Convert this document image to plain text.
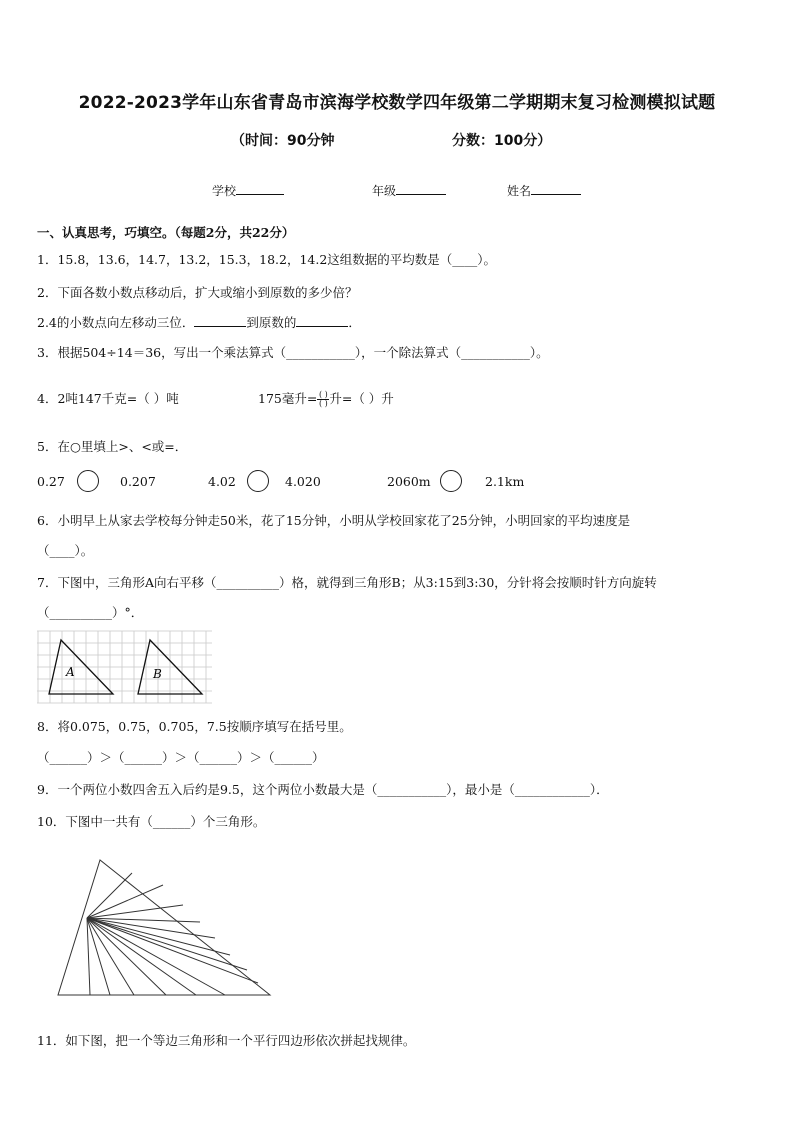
2022-2023学年山东省青岛市滨海学校数学四年级第二学期期末复习检测模拟试题
（时间：90分钟	分数：100分）
学校	年级	姓名
一、认真思考，巧填空。（每题2分，共22分）
1．15.8，13.6，14.7，13.2，15.3，18.2，14.2这组数据的平均数是（____）。
2．下面各数小数点移动后，扩大或缩小到原数的多少倍？
2.4的小数点向左移动三位．	到原数的	．
3．根据504÷14＝36，写出一个乘法算式（___________），一个除法算式（___________）。
4．2吨147千克=（ ）吨	175毫升= $\frac{( )}{( )}$ 升=（ ）升
5．在○里填上>、<或=．
0.27	0.207	4.02	4.020	2060m	2.1km
6．小明早上从家去学校每分钟走50米，花了15分钟，小明从学校回家花了25分钟，小明回家的平均速度是
（____）。
7．下图中，三角形A向右平移（__________）格，就得到三角形B；从3:15到3:30，分针将会按顺时针方向旋转
（__________）°．
A	B
8．将0.075，0.75，0.705，7.5按顺序填写在括号里。
（______）＞（______）＞（______）＞（______）
9．一个两位小数四舍五入后约是9.5，这个两位小数最大是（___________），最小是（____________）．
10．下图中一共有（______）个三角形。
11．如下图，把一个等边三角形和一个平行四边形依次拼起找规律。
